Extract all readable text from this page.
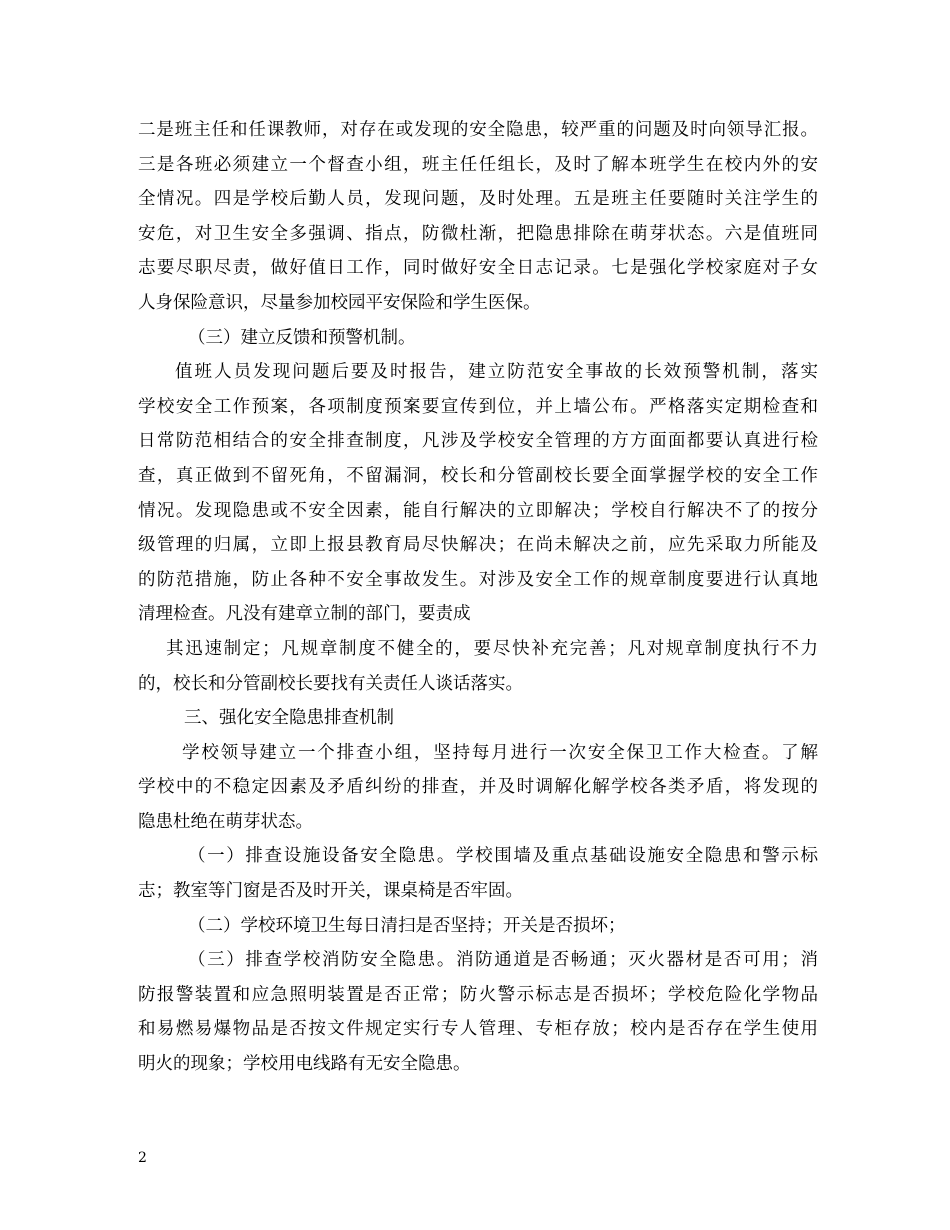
二是班主任和任课教师，对存在或发现的安全隐患，较严重的问题及时向领导汇报。
三是各班必须建立一个督查小组，班主任任组长，及时了解本班学生在校内外的安
全情况。四是学校后勤人员，发现问题，及时处理。五是班主任要随时关注学生的
安危，对卫生安全多强调、指点，防微杜渐，把隐患排除在萌芽状态。六是值班同
志要尽职尽责，做好值日工作，同时做好安全日志记录。七是强化学校家庭对子女
人身保险意识，尽量参加校园平安保险和学生医保。
（三）建立反馈和预警机制。
值班人员发现问题后要及时报告，建立防范安全事故的长效预警机制，落实
学校安全工作预案，各项制度预案要宣传到位，并上墙公布。严格落实定期检查和
日常防范相结合的安全排查制度，凡涉及学校安全管理的方方面面都要认真进行检
查，真正做到不留死角，不留漏洞，校长和分管副校长要全面掌握学校的安全工作
情况。发现隐患或不安全因素，能自行解决的立即解决；学校自行解决不了的按分
级管理的归属，立即上报县教育局尽快解决；在尚未解决之前，应先采取力所能及
的防范措施，防止各种不安全事故发生。对涉及安全工作的规章制度要进行认真地
清理检查。凡没有建章立制的部门，要责成
其迅速制定；凡规章制度不健全的，要尽快补充完善；凡对规章制度执行不力
的，校长和分管副校长要找有关责任人谈话落实。
三、强化安全隐患排查机制
学校领导建立一个排查小组，坚持每月进行一次安全保卫工作大检查。了解
学校中的不稳定因素及矛盾纠纷的排查，并及时调解化解学校各类矛盾，将发现的
隐患杜绝在萌芽状态。
（一）排查设施设备安全隐患。学校围墙及重点基础设施安全隐患和警示标
志；教室等门窗是否及时开关，课桌椅是否牢固。
（二）学校环境卫生每日清扫是否坚持；开关是否损坏；
（三）排查学校消防安全隐患。消防通道是否畅通；灭火器材是否可用；消
防报警装置和应急照明装置是否正常；防火警示标志是否损坏；学校危险化学物品
和易燃易爆物品是否按文件规定实行专人管理、专柜存放；校内是否存在学生使用
明火的现象；学校用电线路有无安全隐患。
2
